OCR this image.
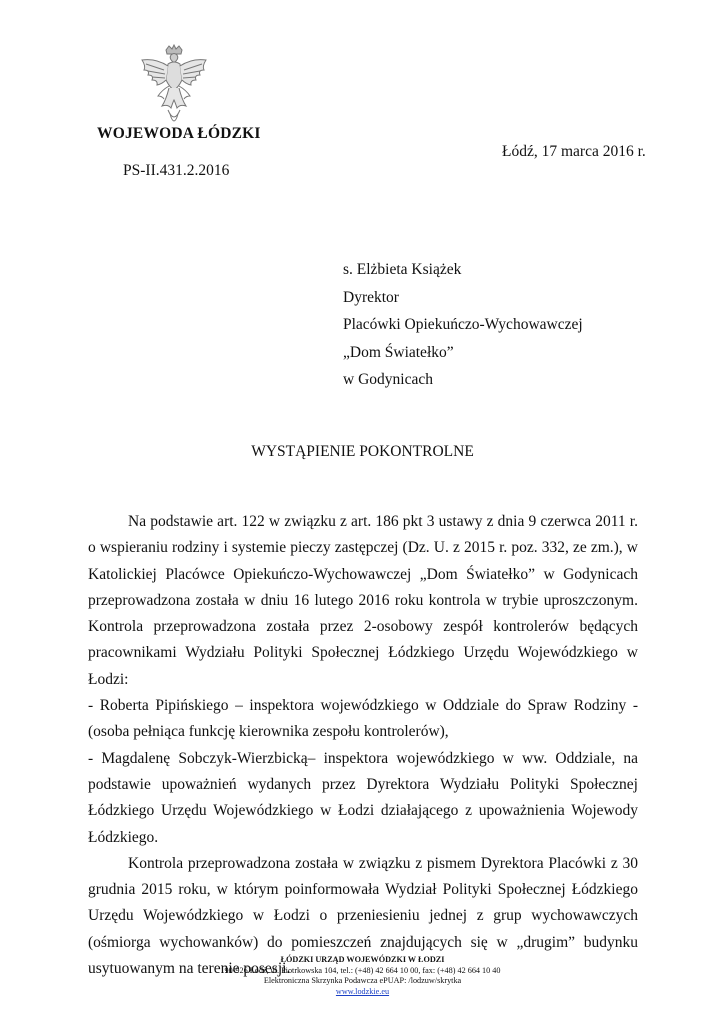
WOJEWODA ŁÓDZKI
Łódź, 17 marca 2016 r.
PS-II.431.2.2016
s. Elżbieta Książek
Dyrektor
Placówki Opiekuńczo-Wychowawczej
„Dom Światełko”
w Godynicach
WYSTĄPIENIE POKONTROLNE

Na podstawie art. 122 w związku z art. 186 pkt 3 ustawy z dnia 9 czerwca 2011 r. o wspieraniu rodziny i systemie pieczy zastępczej (Dz. U. z 2015 r. poz. 332, ze zm.), w Katolickiej Placówce Opiekuńczo-Wychowawczej „Dom Światełko” w Godynicach przeprowadzona została w dniu 16 lutego 2016 roku kontrola w trybie uproszczonym. Kontrola przeprowadzona została przez 2-osobowy zespół kontrolerów będących pracownikami Wydziału Polityki Społecznej Łódzkiego Urzędu Wojewódzkiego w Łodzi:

- Roberta Pipińskiego – inspektora wojewódzkiego w Oddziale do Spraw Rodziny - (osoba pełniąca funkcję kierownika zespołu kontrolerów),

- Magdalenę Sobczyk-Wierzbicką– inspektora wojewódzkiego w ww. Oddziale, na podstawie upoważnień wydanych przez Dyrektora Wydziału Polityki Społecznej Łódzkiego Urzędu Wojewódzkiego w Łodzi działającego z upoważnienia Wojewody Łódzkiego.

Kontrola przeprowadzona została w związku z pismem Dyrektora Placówki z 30 grudnia 2015 roku, w którym poinformowała Wydział Polityki Społecznej Łódzkiego Urzędu Wojewódzkiego w Łodzi o przeniesieniu jednej z grup wychowawczych (ośmiorga wychowanków) do pomieszczeń znajdujących się w „drugim” budynku usytuowanym na terenie posesji.

ŁÓDZKI URZĄD WOJEWÓDZKI W ŁODZI
90-926 Łódź, ul. Piotrkowska 104, tel.: (+48) 42 664 10 00, fax: (+48) 42 664 10 40
Elektroniczna Skrzynka Podawcza ePUAP: /lodzuw/skrytka
www.lodzkie.eu
